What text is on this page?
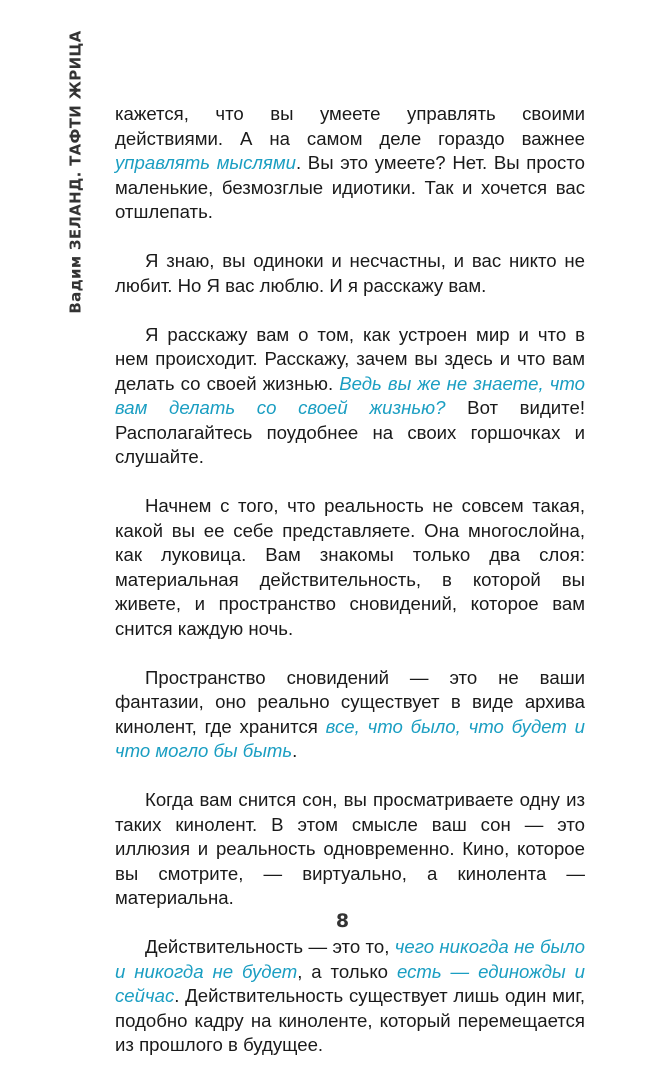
Вадим ЗЕЛАНД. ТАФТИ ЖРИЦА кажется, что вы умеете управлять своими действиями. А на самом деле гораздо важнее управлять мыслями. Вы это умеете? Нет. Вы просто маленькие, безмозглые идиотики. Так и хочется вас отшлепать.

Я знаю, вы одиноки и несчастны, и вас никто не любит. Но Я вас люблю. И я расскажу вам.

Я расскажу вам о том, как устроен мир и что в нем происходит. Расскажу, зачем вы здесь и что вам делать со своей жизнью. Ведь вы же не знаете, что вам делать со своей жизнью? Вот видите! Располагайтесь поудобнее на своих горшочках и слушайте.

Начнем с того, что реальность не совсем такая, какой вы ее себе представляете. Она многослойна, как луковица. Вам знакомы только два слоя: материальная действительность, в которой вы живете, и пространство сновидений, которое вам снится каждую ночь.

Пространство сновидений — это не ваши фантазии, оно реально существует в виде архива кинолент, где хранится все, что было, что будет и что могло бы быть.

Когда вам снится сон, вы просматриваете одну из таких кинолент. В этом смысле ваш сон — это иллюзия и реальность одновременно. Кино, которое вы смотрите, — виртуально, а кинолента — материальна.

Действительность — это то, чего никогда не было и никогда не будет, а только есть — единожды и сейчас. Действительность существует лишь один миг, подобно кадру на киноленте, который перемещается из прошлого в будущее.

8
